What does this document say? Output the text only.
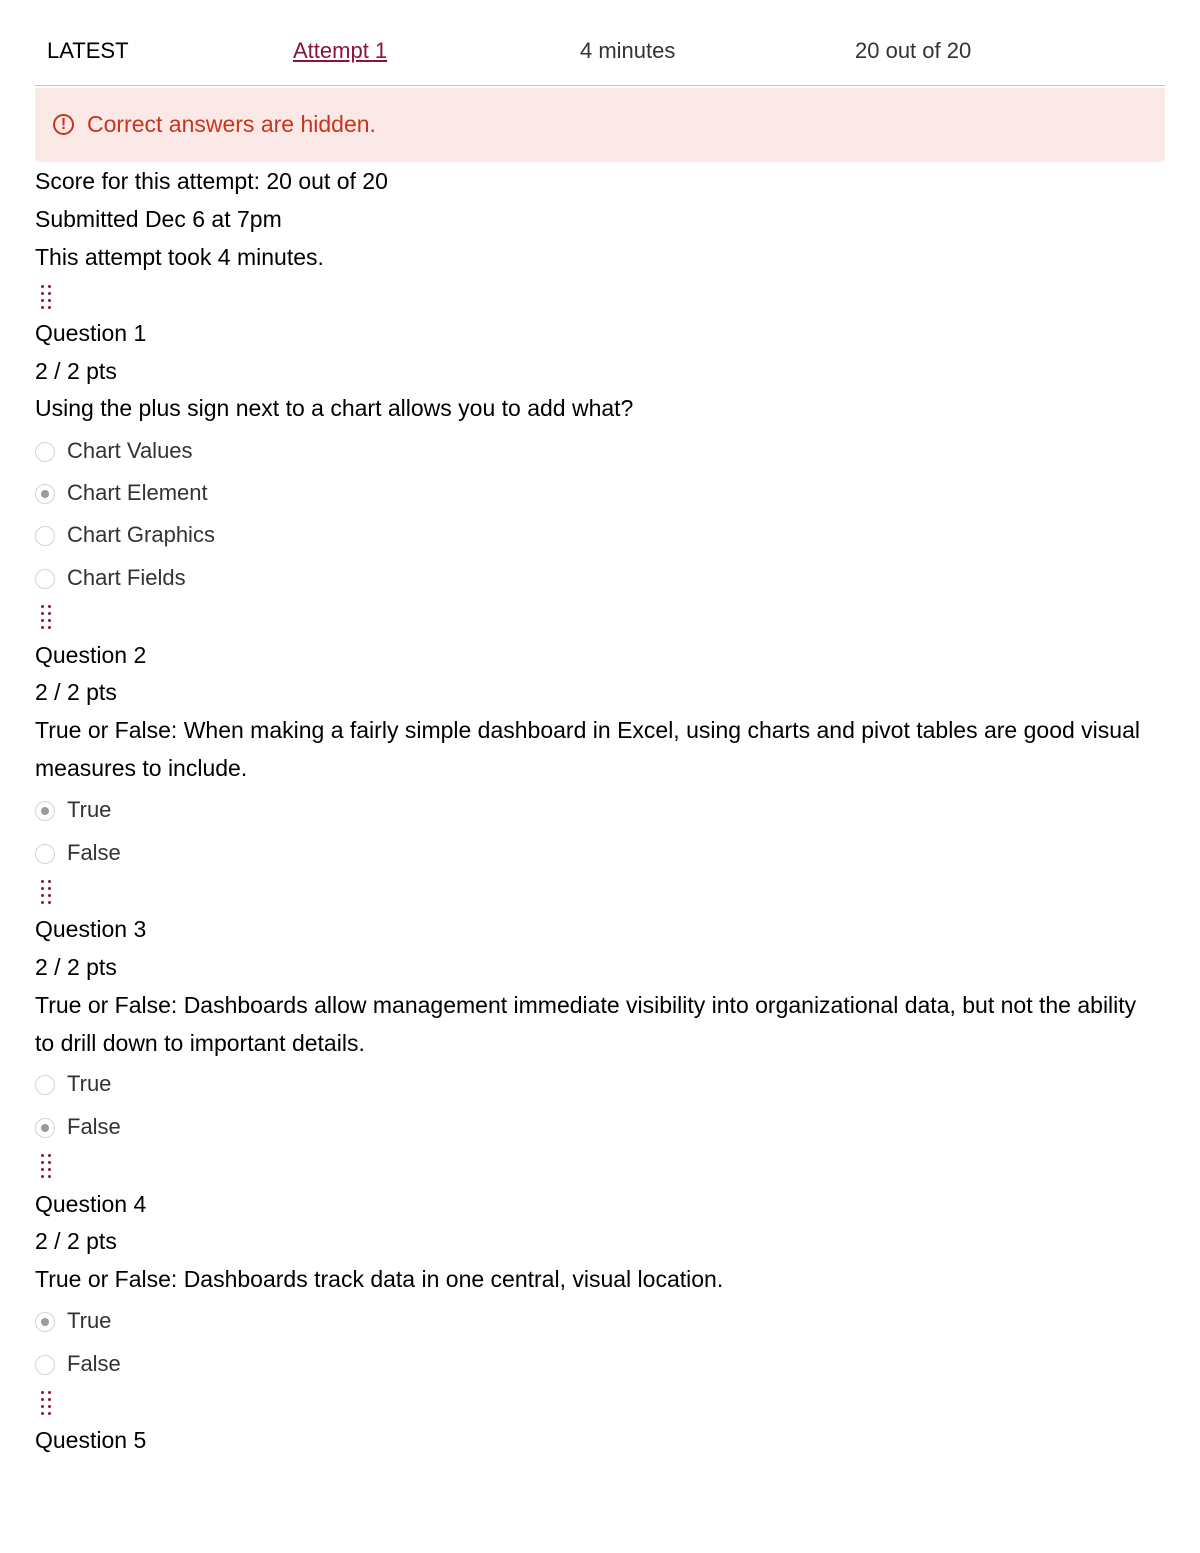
LATEST	Attempt 1	4 minutes	20 out of 20
! Correct answers are hidden.
Score for this attempt: 20 out of 20
Submitted Dec 6 at 7pm
This attempt took 4 minutes.
Question 1
2 / 2 pts
Using the plus sign next to a chart allows you to add what?
Chart Values
Chart Element
Chart Graphics
Chart Fields
Question 2
2 / 2 pts
True or False: When making a fairly simple dashboard in Excel, using charts and pivot tables are good visual measures to include.
True
False
Question 3
2 / 2 pts
True or False: Dashboards allow management immediate visibility into organizational data, but not the ability to drill down to important details.
True
False
Question 4
2 / 2 pts
True or False: Dashboards track data in one central, visual location.
True
False
Question 5
